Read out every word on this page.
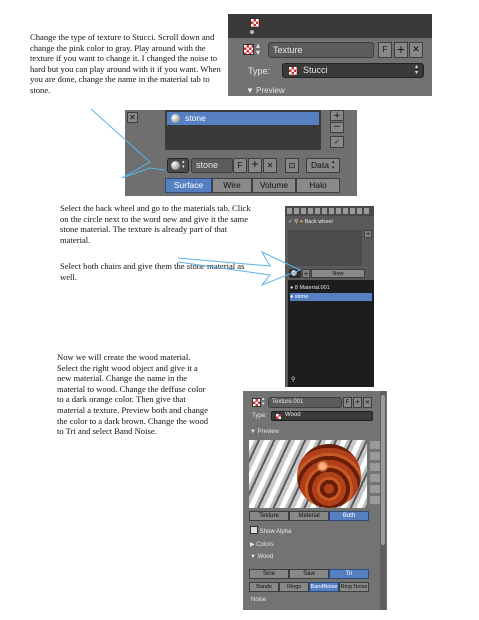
Change the type of texture to Stucci. Scroll down and change the pink color to gray. Play around with the texture if you want to change it. I changed the noise to hard but you can play around with it if you want. When you are done, change the name in the material tab to stone.
▴
▾	Texture	F + ✕
Type:	Stucci	▴
▾
▼ Preview
✕	stone	+
−
✓
▴
▾	stone	F + ✕	⊡	Data ▴
▾
Surface	Wire	Volume	Halo
Select the back wheel and go to the materials tab. Click on the circle next to the word new and give it the same stone material. The texture is already part of that material.
Select both chairs and give them the stone material as well.
✓ ⚲ ● Back wheel
+
+	New
● 8 Material.001
● stone
⚲
Now we will create the wood material. Select the right wood object and give it a new material. Change the name in the material to wood. Change the deffuse color to a dark orange color. Then give that material a texture. Preview both and change the color to a dark brown. Change the wood to Tri and select Band Noise.
▴
▾	Texture.001	F + ✕
Type:	Wood
▼ Preview
Texture	Material	Both
Show Alpha
▶ Colors
▼ Wood
Sine	Saw	Tri
Bands	Rings	BandNoise Ring Noise
Noise
